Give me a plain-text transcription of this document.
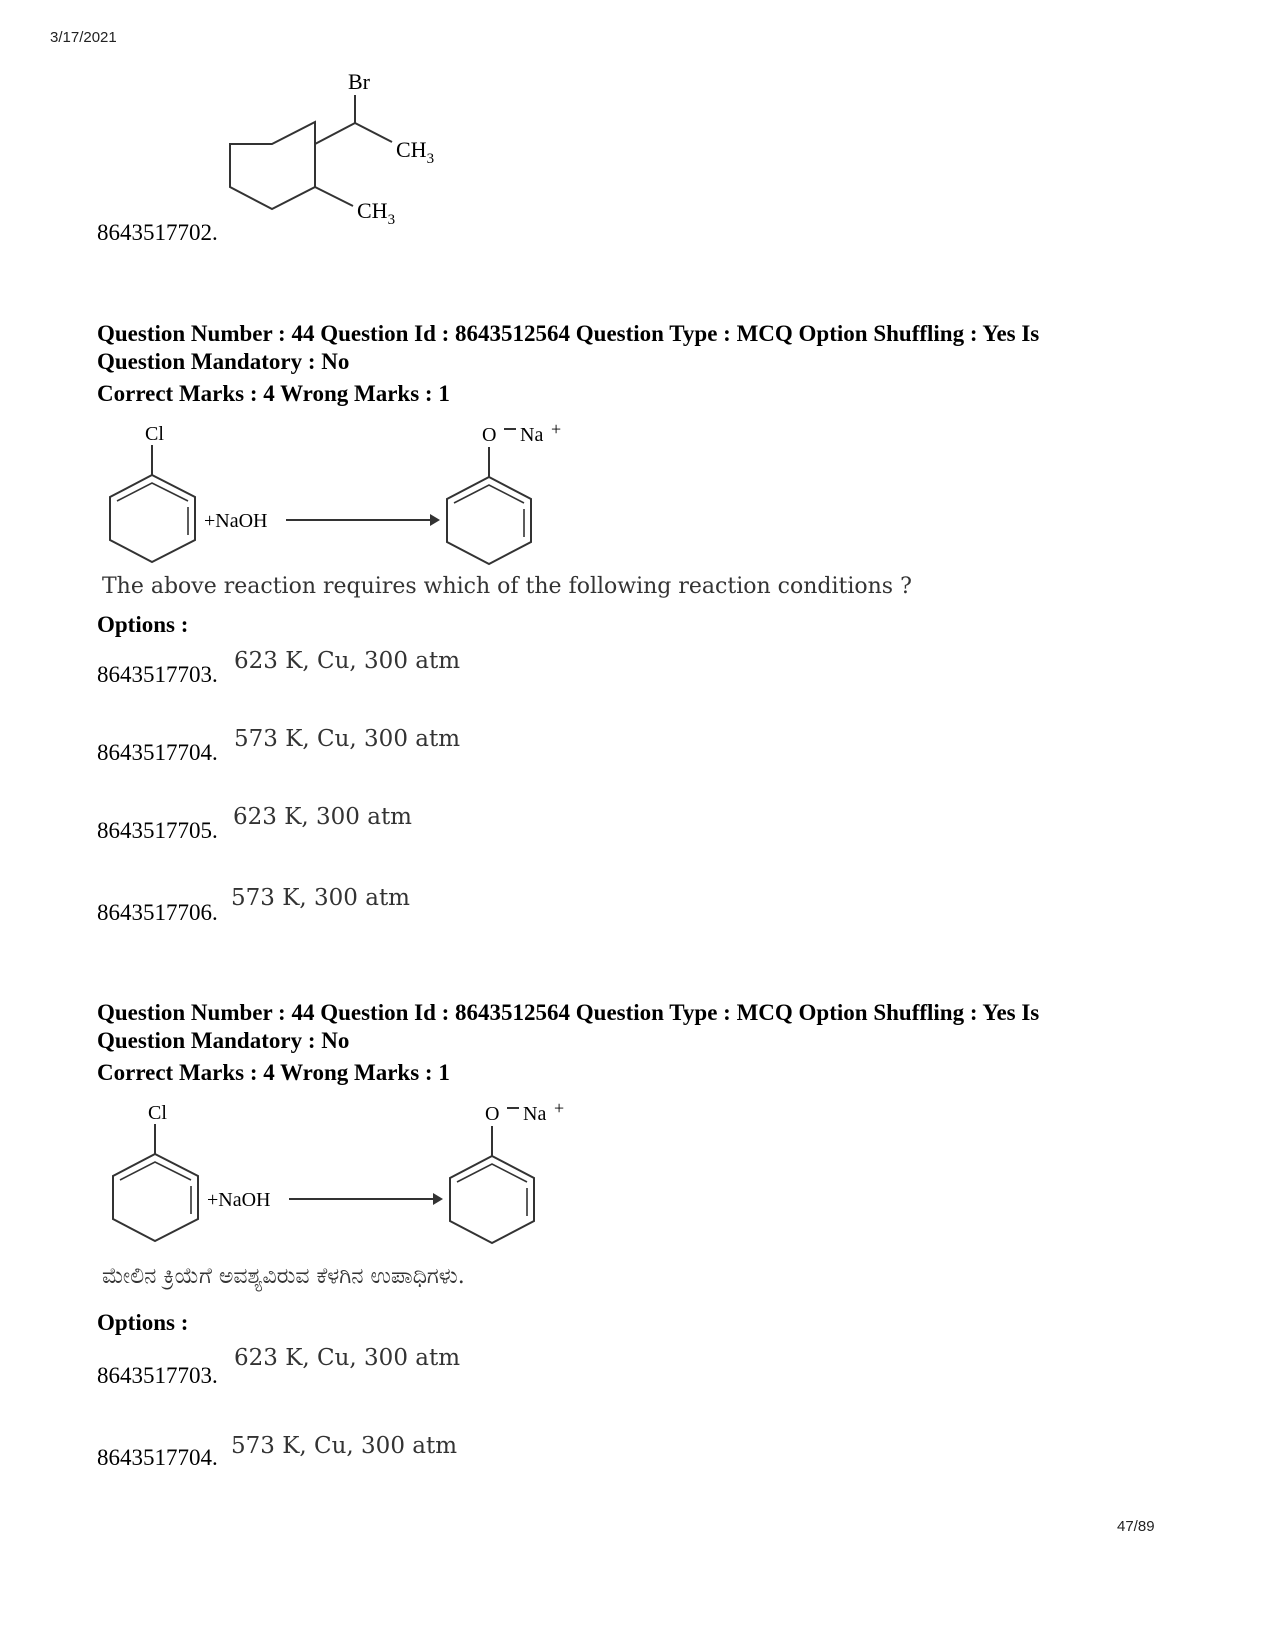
3/17/2021
47/89
8643517702.
Br
$CH_3$
$CH_3$
Question Number : 44 Question Id : 8643512564 Question Type : MCQ Option Shuffling : Yes Is
Question Mandatory : No
Correct Marks : 4 Wrong Marks : 1
Cl
+NaOH
O Na +
The above reaction requires which of the following reaction conditions ?
Options :
8643517703.
623 K, Cu, 300 atm
8643517704.
573 K, Cu, 300 atm
8643517705.
623 K, 300 atm
8643517706.
573 K, 300 atm
Question Number : 44 Question Id : 8643512564 Question Type : MCQ Option Shuffling : Yes Is
Question Mandatory : No
Correct Marks : 4 Wrong Marks : 1
Cl
+NaOH
O Na +
ಮೇಲಿನ ಕ್ರಿಯೆಗೆ ಅವಶ್ಯವಿರುವ ಕೆಳಗಿನ ಉಪಾಧಿಗಳು.
Options :
8643517703.
623 K, Cu, 300 atm
8643517704. 573 K, Cu, 300 atm
